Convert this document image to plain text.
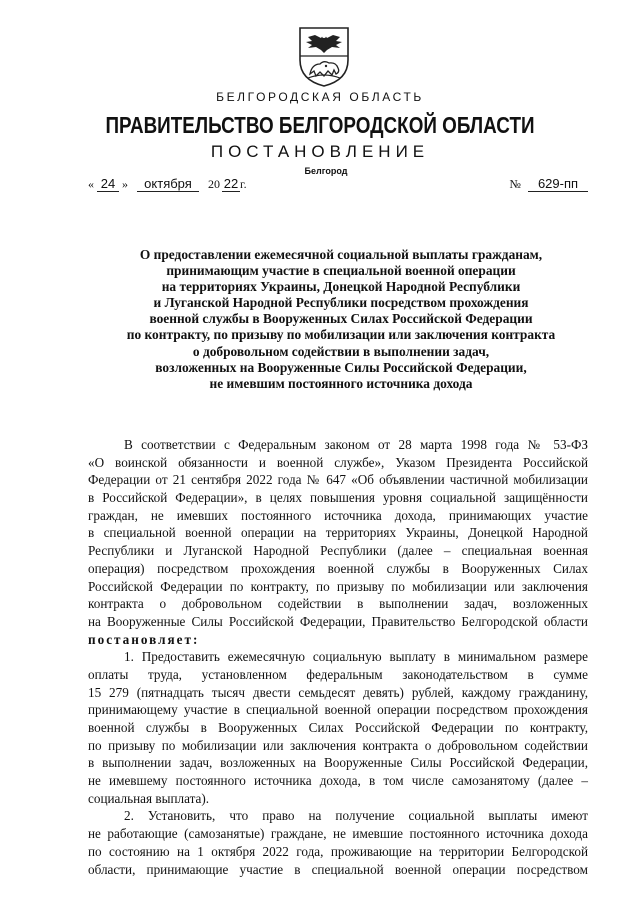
БЕЛГОРОДСКАЯ ОБЛАСТЬ
ПРАВИТЕЛЬСТВО БЕЛГОРОДСКОЙ ОБЛАСТИ
ПОСТАНОВЛЕНИЕ
Белгород
« 24 » октября 20 22 г.	№ 629-пп
О предоставлении ежемесячной социальной выплаты гражданам,
принимающим участие в специальной военной операции
на территориях Украины, Донецкой Народной Республики
и Луганской Народной Республики посредством прохождения
военной службы в Вооруженных Силах Российской Федерации
по контракту, по призыву по мобилизации или заключения контракта
о добровольном содействии в выполнении задач,
возложенных на Вооруженные Силы Российской Федерации,
не имевшим постоянного источника дохода
В соответствии с Федеральным законом от 28 марта 1998 года № 53-ФЗ
«О воинской обязанности и военной службе», Указом Президента Российской
Федерации от 21 сентября 2022 года № 647 «Об объявлении частичной мобилизации
в Российской Федерации», в целях повышения уровня социальной защищённости
граждан, не имевших постоянного источника дохода, принимающих участие
в специальной военной операции на территориях Украины, Донецкой Народной
Республики и Луганской Народной Республики (далее – специальная военная
операция) посредством прохождения военной службы в Вооруженных Силах
Российской Федерации по контракту, по призыву по мобилизации или заключения
контракта о добровольном содействии в выполнении задач, возложенных
на Вооруженные Силы Российской Федерации, Правительство Белгородской области
постановляет:
1. Предоставить ежемесячную социальную выплату в минимальном размере
оплаты труда, установленном федеральным законодательством в сумме
15 279 (пятнадцать тысяч двести семьдесят девять) рублей, каждому гражданину,
принимающему участие в специальной военной операции посредством прохождения
военной службы в Вооруженных Силах Российской Федерации по контракту,
по призыву по мобилизации или заключения контракта о добровольном содействии
в выполнении задач, возложенных на Вооруженные Силы Российской Федерации,
не имевшему постоянного источника дохода, в том числе самозанятому (далее –
социальная выплата).
2. Установить, что право на получение социальной выплаты имеют
не работающие (самозанятые) граждане, не имевшие постоянного источника дохода
по состоянию на 1 октября 2022 года, проживающие на территории Белгородской
области, принимающие участие в специальной военной операции посредством
